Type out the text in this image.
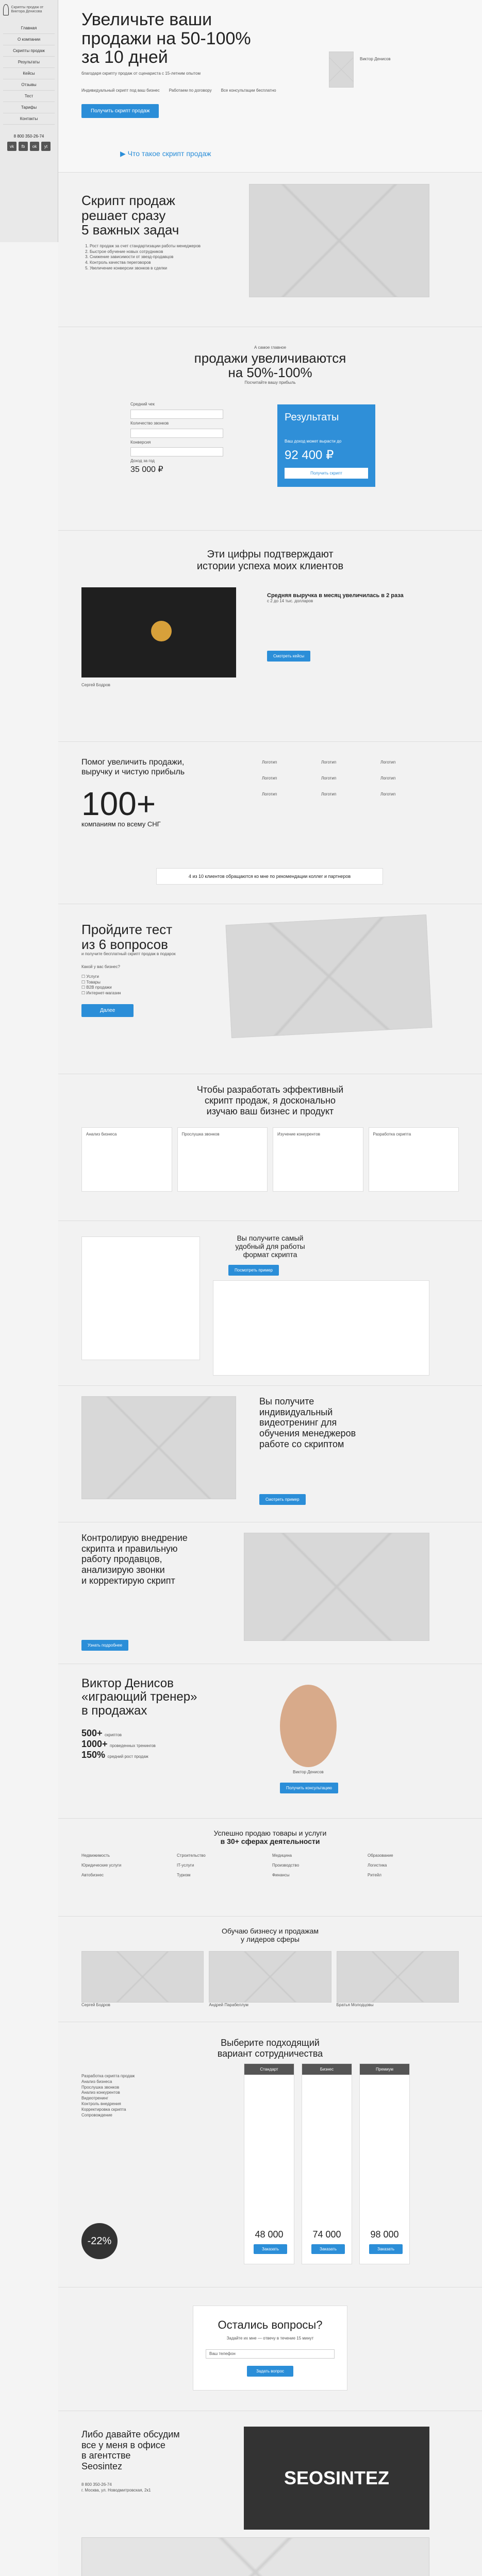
Скрипты продаж от Виктора Денисова
Главная
О компании
Скрипты продаж
Результаты
Кейсы
Отзывы
Тест
Тарифы
Контакты
8 800 350-26-74
vk	fb	ok	yt
Увеличьте ваши
продажи на 50-100%
за 10 дней

благодаря скрипту продаж от сценариста с 15-летним опытом

Индивидуальный скрипт под ваш бизнес Работаем по договору Все консультации бесплатно
Получить скрипт продаж
Виктор Денисов
▶ Что такое скрипт продаж
Скрипт продаж
решает сразу
5 важных задач
1. Рост продаж за счет стандартизации работы менеджеров
2. Быстрое обучение новых сотрудников
3. Снижение зависимости от звезд-продавцов
4. Контроль качества переговоров
5. Увеличение конверсии звонков в сделки

А самое главное

продажи увеличиваются
на 50%-100%

Посчитайте вашу прибыль

Средний чек
Количество звонков
Конверсия
Доход за год
35 000 ₽
Результаты
Ваш доход может вырасти до
92 400 ₽
Получить скрипт
Эти цифры подтверждают
истории успеха моих клиентов
Сергей Бодров
Средняя выручка в месяц увеличилась в 2 раза
с 2 до 14 тыс. долларов
Смотреть кейсы
Помог увеличить продажи,
выручку и чистую прибыль
100+
компаниям по всему СНГ
Логотип	Логотип	Логотип
Логотип	Логотип	Логотип
Логотип	Логотип	Логотип
4 из 10 клиентов обращаются ко мне по рекомендации коллег и партнеров
Пройдите тест
из 6 вопросов

и получите бесплатный скрипт продаж в подарок

Какой у вас бизнес?
☐ Услуги
☐ Товары
☐ B2B продажи
☐ Интернет-магазин
Далее
Чтобы разработать эффективный
скрипт продаж, я досконально
изучаю ваш бизнес и продукт
Анализ бизнеса	Прослушка звонков	Изучение конкурентов	Разработка скрипта
Вы получите самый удобный для работы формат скрипта
Посмотреть пример
Вы получите
индивидуальный
видеотренинг для
обучения менеджеров
работе со скриптом
Смотреть пример
Контролирую внедрение
скрипта и правильную
работу продавцов,
анализирую звонки
и корректирую скрипт
Узнать подробнее
Виктор Денисов
«играющий тренер»
в продажах
500+ скриптов
1000+ проведенных тренингов
150% средний рост продаж
Виктор Денисов
Получить консультацию
Успешно продаю товары и услуги
в 30+ сферах деятельности
Недвижимость	Строительство	Медицина	Образование
Юридические услуги	IT-услуги	Производство	Логистика
Автобизнес	Туризм	Финансы	Ритейл
Обучаю бизнесу и продажам
у лидеров сферы
Сергей Бодров	Андрей Парабеллум	Братья Молодцовы
Выберите подходящий
вариант сотрудничества
Разработка скрипта продаж
Анализ бизнеса
Прослушка звонков
Анализ конкурентов
Видеотренинг
Контроль внедрения
Корректировка скрипта
Сопровождение
-22%
Стандарт
48 000
Заказать
Бизнес
74 000
Заказать
Премиум
98 000
Заказать
Остались вопросы?
Задайте их мне — отвечу в течение 15 минут
Ваш телефон
Задать вопрос
Либо давайте обсудим
все у меня в офисе
в агентстве
Seosintez
8 800 350-26-74
г. Москва, ул. Новодмитровская, 2к1
SEOSINTEZ
